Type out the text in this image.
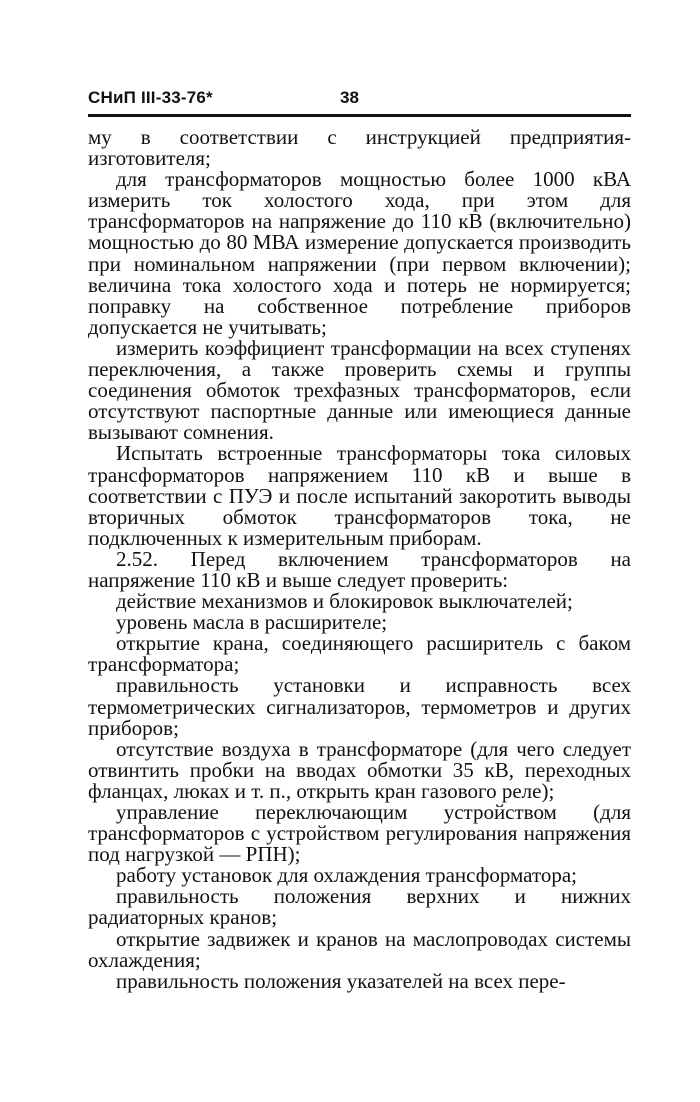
СНиП III-33-76*	38

му в соответствии с инструкцией предприятия-изготовителя;

для трансформаторов мощностью более 1000 кВА измерить ток холостого хода, при этом для трансформаторов на напряжение до 110 кВ (включительно) мощностью до 80 МВА измерение допускается производить при номинальном напряжении (при первом включении); величина тока холостого хода и потерь не нормируется; поправку на собственное потребление приборов допускается не учитывать;

измерить коэффициент трансформации на всех ступенях переключения, а также проверить схемы и группы соединения обмоток трехфазных трансформаторов, если отсутствуют паспортные данные или имеющиеся данные вызывают сомнения.

Испытать встроенные трансформаторы тока силовых трансформаторов напряжением 110 кВ и выше в соответствии с ПУЭ и после испытаний закоротить выводы вторичных обмоток трансформаторов тока, не подключенных к измерительным приборам.

2.52. Перед включением трансформаторов на напряжение 110 кВ и выше следует проверить:

действие механизмов и блокировок выключателей;

уровень масла в расширителе;

открытие крана, соединяющего расширитель с баком трансформатора;

правильность установки и исправность всех термометрических сигнализаторов, термометров и других приборов;

отсутствие воздуха в трансформаторе (для чего следует отвинтить пробки на вводах обмотки 35 кВ, переходных фланцах, люках и т. п., открыть кран газового реле);

управление переключающим устройством (для трансформаторов с устройством регулирования напряжения под нагрузкой — РПН);

работу установок для охлаждения трансформатора;

правильность положения верхних и нижних радиаторных кранов;

открытие задвижек и кранов на маслопроводах системы охлаждения;

правильность положения указателей на всех пере-
